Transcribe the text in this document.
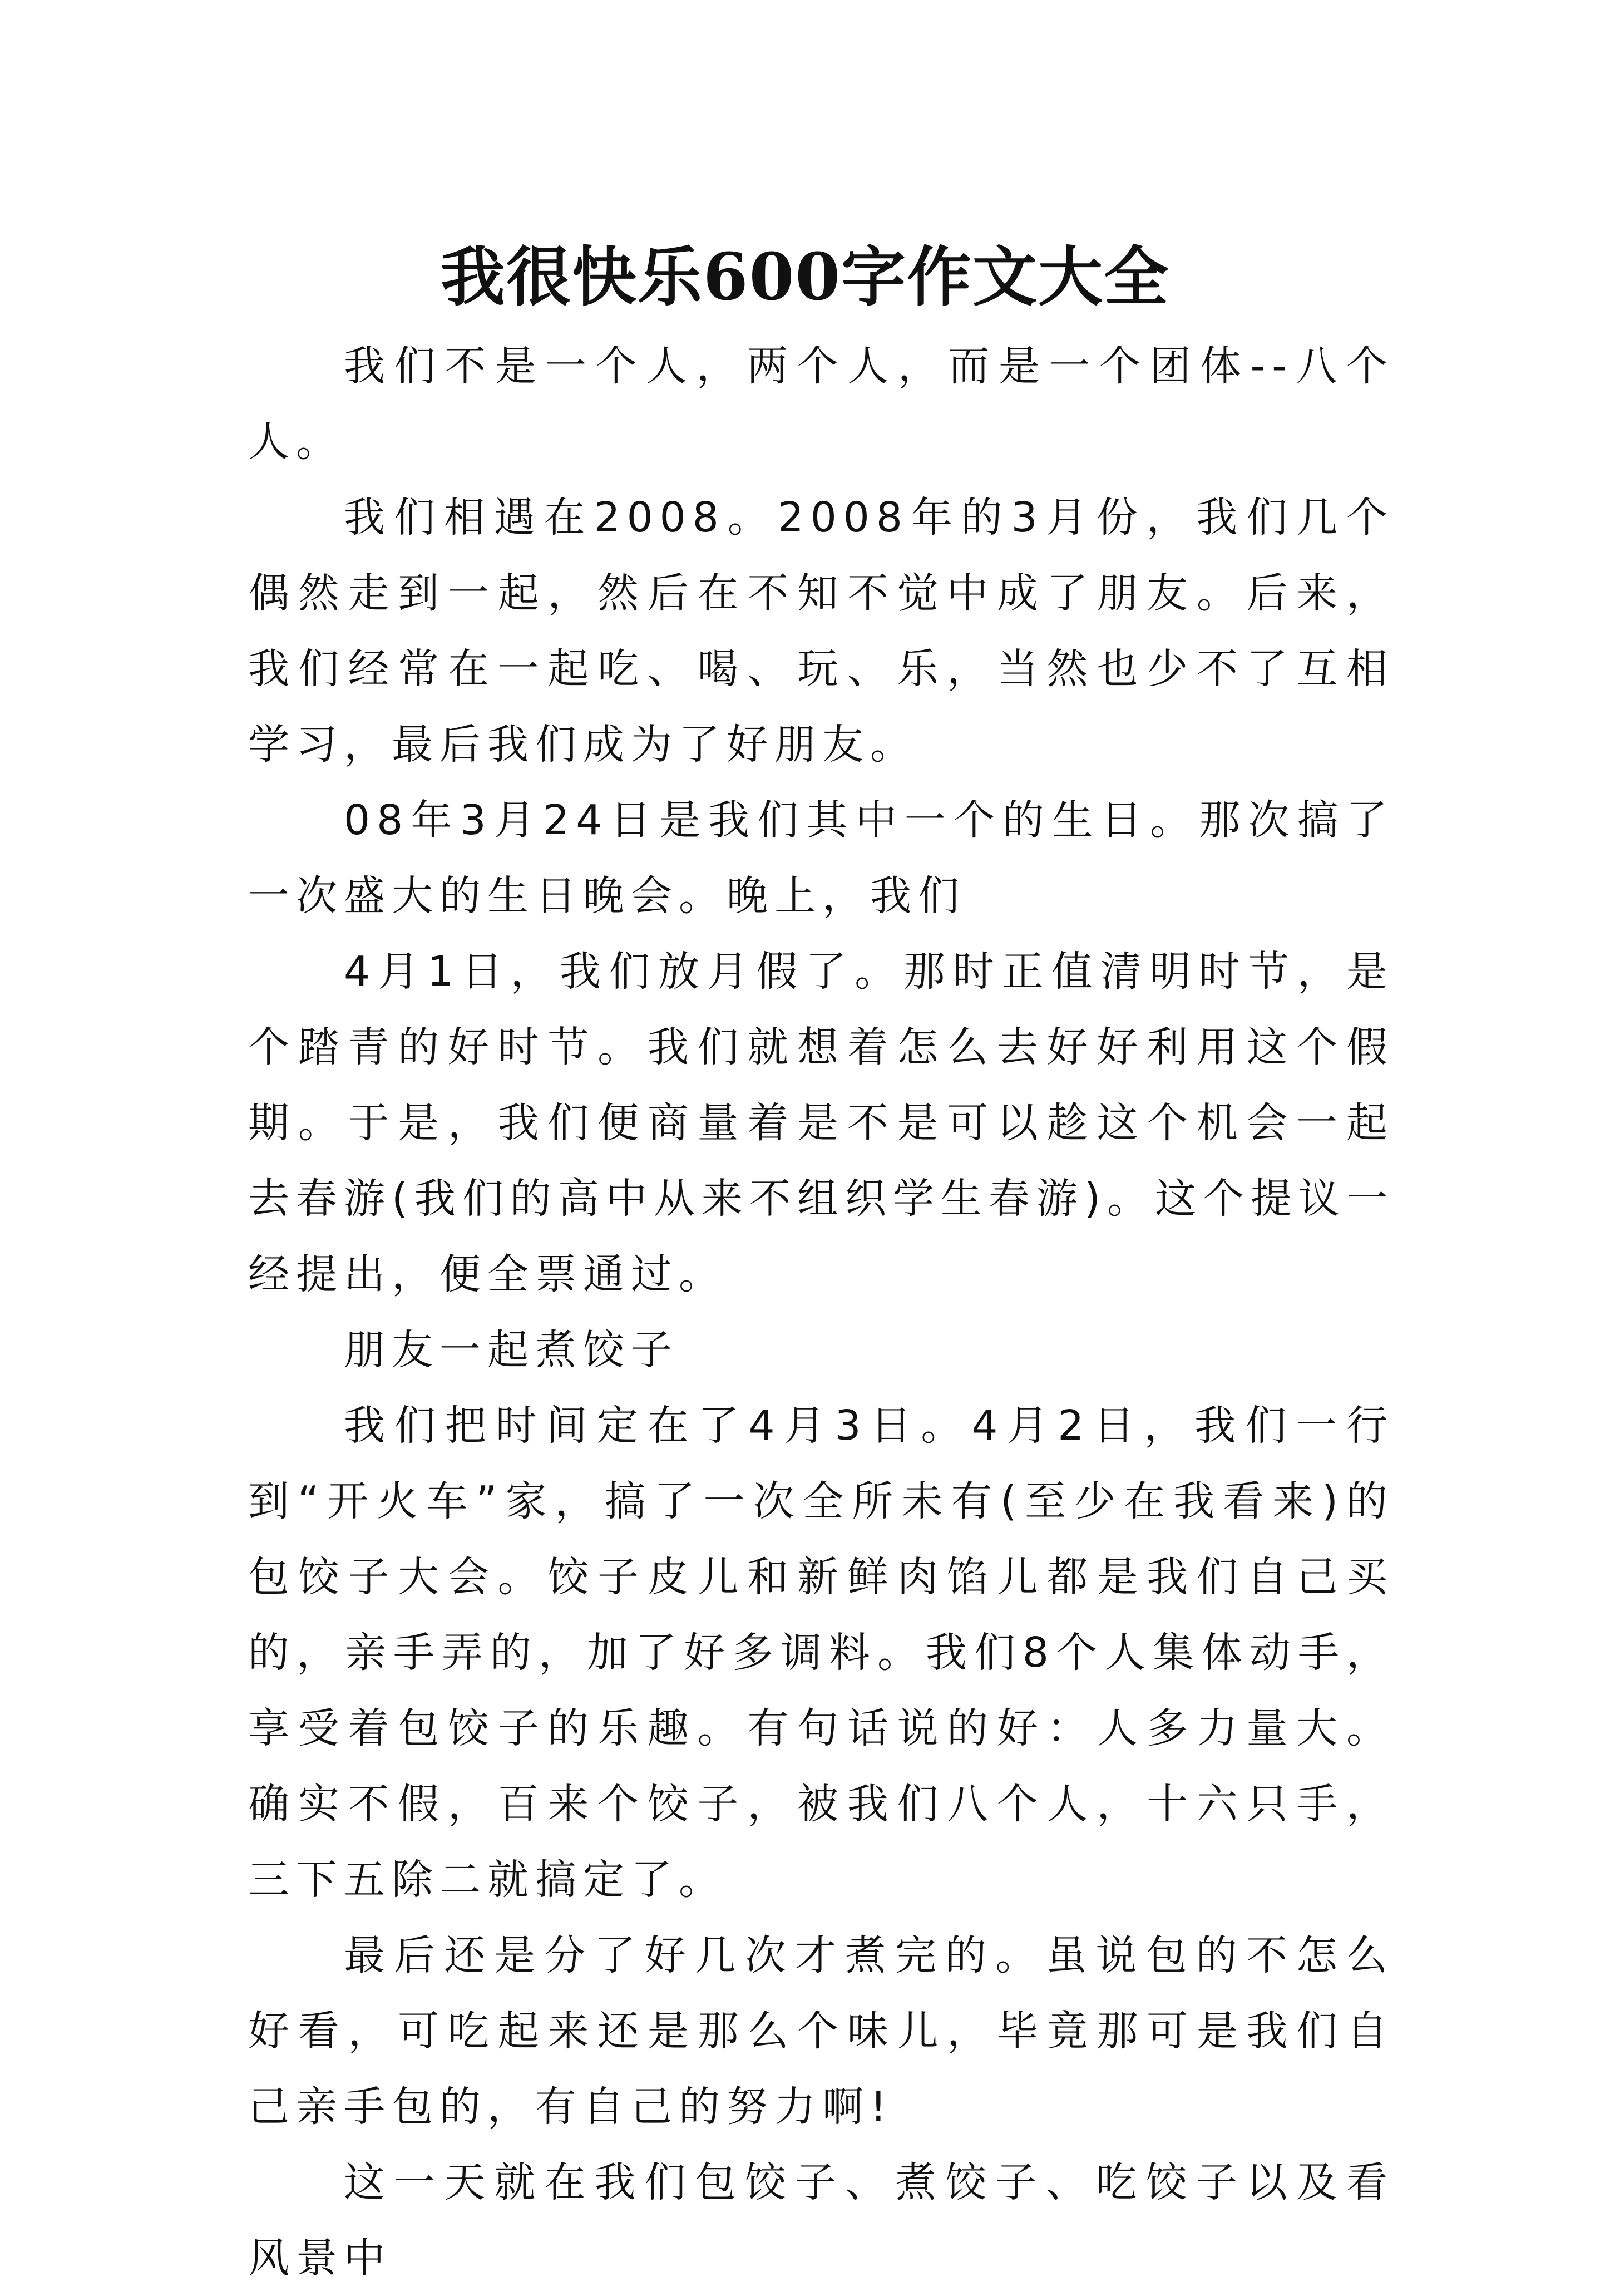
我很快乐600字作文大全

我们不是一个人，两个人，而是一个团体--八个人。

我们相遇在2008。2008年的3月份，我们几个偶然走到一起，然后在不知不觉中成了朋友。后来，我们经常在一起吃、喝、玩、乐，当然也少不了互相学习，最后我们成为了好朋友。

08年3月24日是我们其中一个的生日。那次搞了一次盛大的生日晚会。晚上，我们

4月1日，我们放月假了。那时正值清明时节，是个踏青的好时节。我们就想着怎么去好好利用这个假期。于是，我们便商量着是不是可以趁这个机会一起去春游(我们的高中从来不组织学生春游)。这个提议一经提出，便全票通过。

朋友一起煮饺子

我们把时间定在了4月3日。4月2日，我们一行到“开火车”家，搞了一次全所未有(至少在我看来)的包饺子大会。饺子皮儿和新鲜肉馅儿都是我们自己买的，亲手弄的，加了好多调料。我们8个人集体动手，享受着包饺子的乐趣。有句话说的好：人多力量大。确实不假，百来个饺子，被我们八个人，十六只手，三下五除二就搞定了。

最后还是分了好几次才煮完的。虽说包的不怎么好看，可吃起来还是那么个味儿，毕竟那可是我们自己亲手包的，有自己的努力啊!

这一天就在我们包饺子、煮饺子、吃饺子以及看风景中
